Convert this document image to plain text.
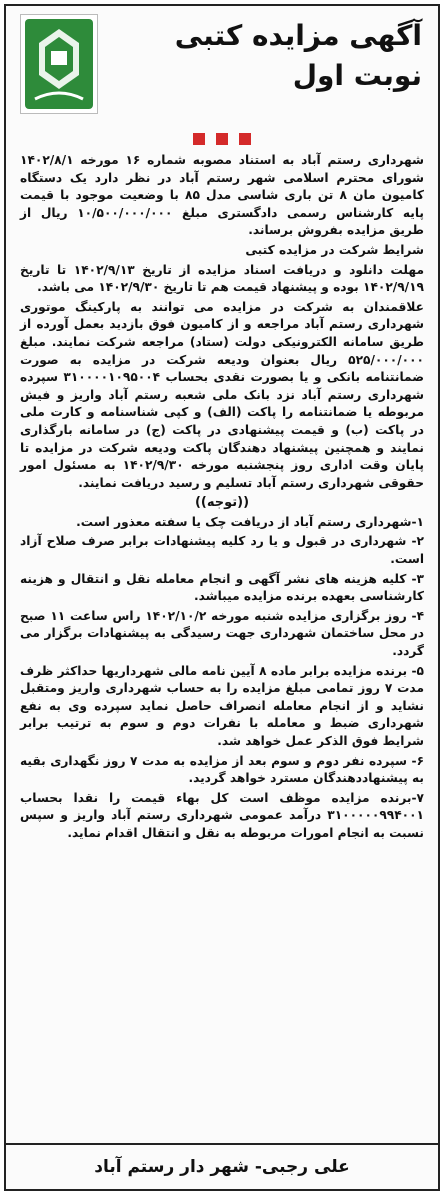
آگهی مزایده کتبی
نوبت اول

شهرداری رستم آباد به استناد مصوبه شماره ۱۶ مورخه ۱۴۰۲/۸/۱ شورای محترم اسلامی شهر رستم آباد در نظر دارد یک دستگاه کامیون مان ۸ تن باری شاسی مدل ۸۵ با وضعیت موجود با قیمت پایه کارشناس رسمی دادگستری مبلغ ۱۰/۵۰۰/۰۰۰/۰۰۰ ریال از طریق مزایده بفروش برساند.

شرایط شرکت در مزایده کتبی

مهلت دانلود و دریافت اسناد مزایده از تاریخ ۱۴۰۲/۹/۱۳ تا تاریخ ۱۴۰۲/۹/۱۹ بوده و پیشنهاد قیمت هم تا تاریخ ۱۴۰۲/۹/۳۰ می باشد.

علاقمندان به شرکت در مزایده می توانند به پارکینگ موتوری شهرداری رستم آباد مراجعه و از کامیون فوق بازدید بعمل آورده از طریق سامانه الکترونیکی دولت (ستاد) مراجعه شرکت نمایند. مبلغ ۵۲۵/۰۰۰/۰۰۰ ریال بعنوان ودیعه شرکت در مزایده به صورت ضمانتنامه بانکی و یا بصورت نقدی بحساب ۳۱۰۰۰۰۱۰۹۵۰۰۴ سپرده شهرداری رستم آباد نزد بانک ملی شعبه رستم آباد واریز و فیش مربوطه یا ضمانتنامه را پاکت (الف) و کپی شناسنامه و کارت ملی در پاکت (ب) و قیمت پیشنهادی در پاکت (ج) در سامانه بارگذاری نمایند و همچنین پیشنهاد دهندگان پاکت ودیعه شرکت در مزایده تا پایان وقت اداری روز پنجشنبه مورخه ۱۴۰۲/۹/۳۰ به مسئول امور حقوقی شهرداری رستم آباد تسلیم و رسید دریافت نمایند.

((توجه))

۱-شهرداری رستم آباد از دریافت چک یا سفته معذور است.

۲- شهرداری در قبول و یا رد کلیه پیشنهادات برابر صرف صلاح آزاد است.

۳- کلیه هزینه های نشر آگهی و انجام معامله نقل و انتقال و هزینه کارشناسی بعهده برنده مزایده میباشد.

۴- روز برگزاری مزایده شنبه مورخه ۱۴۰۲/۱۰/۲ راس ساعت ۱۱ صبح در محل ساختمان شهرداری جهت رسیدگی به پیشنهادات برگزار می گردد.

۵- برنده مزایده برابر ماده ۸ آیین نامه مالی شهرداریها حداکثر ظرف مدت ۷ روز تمامی مبلغ مزایده را به حساب شهرداری واریز ومتقبل نشاید و از انجام معامله انصراف حاصل نماید سپرده وی به نفع شهرداری ضبط و معامله با نفرات دوم و سوم به ترتیب برابر شرایط فوق الذکر عمل خواهد شد.

۶- سپرده نفر دوم و سوم بعد از مزایده به مدت ۷ روز نگهداری بقیه به پیشنهاددهندگان مسترد خواهد گردید.

۷-برنده مزایده موظف است کل بهاء قیمت را نقدا بحساب ۳۱۰۰۰۰۰۹۹۴۰۰۱ درآمد عمومی شهرداری رستم آباد واریز و سپس نسبت به انجام امورات مربوطه به نقل و انتقال اقدام نماید.

علی رجبی- شهر دار رستم آباد
